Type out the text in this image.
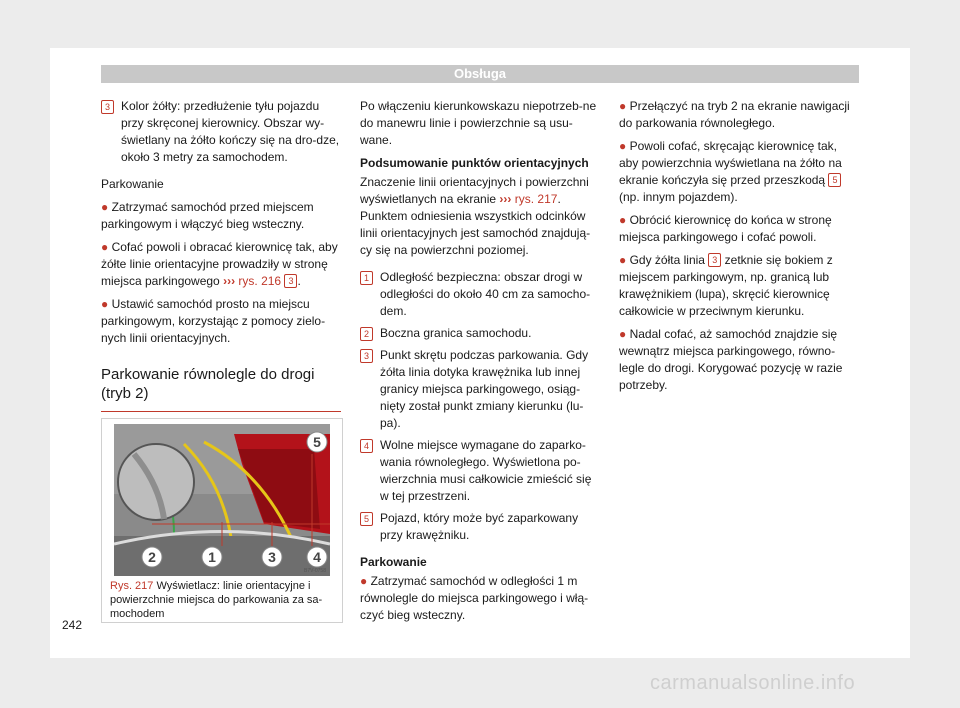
Obsługa
3 Kolor żółty: przedłużenie tyłu pojazdu przy skręconej kierownicy. Obszar wy-świetlany na żółto kończy się na dro-dze, około 3 metry za samochodem.

Parkowanie

● Zatrzymać samochód przed miejscem parkingowym i włączyć bieg wsteczny.

● Cofać powoli i obracać kierownicę tak, aby żółte linie orientacyjne prowadziły w stronę miejsca parkingowego ››› rys. 216 3 .

● Ustawić samochód prosto na miejscu parkingowym, korzystając z pomocy zielo-nych linii orientacyjnych.

Parkowanie równolegle do drogi (tryb 2)
5
2	1	3	4
B7V-0758
Rys. 217 Wyświetlacz: linie orientacyjne i powierzchnie miejsca do parkowania za sa-mochodem

Po włączeniu kierunkowskazu niepotrzeb-ne do manewru linie i powierzchnie są usu-wane.

Podsumowanie punktów orientacyjnych

Znaczenie linii orientacyjnych i powierzchni wyświetlanych na ekranie ››› rys. 217. Punktem odniesienia wszystkich odcinków linii orientacyjnych jest samochód znajdują-cy się na powierzchni poziomej.

1 Odległość bezpieczna: obszar drogi w odległości do około 40 cm za samocho-dem.
2 Boczna granica samochodu.
3 Punkt skrętu podczas parkowania. Gdy żółta linia dotyka krawężnika lub innej granicy miejsca parkingowego, osiąg-nięty został punkt zmiany kierunku (lu-pa).
4 Wolne miejsce wymagane do zaparko-wania równoległego. Wyświetlona po-wierzchnia musi całkowicie zmieścić się w tej przestrzeni.
5 Pojazd, który może być zaparkowany przy krawężniku.

Parkowanie

● Zatrzymać samochód w odległości 1 m równolegle do miejsca parkingowego i włą-czyć bieg wsteczny.

● Przełączyć na tryb 2 na ekranie nawigacji do parkowania równoległego.

● Powoli cofać, skręcając kierownicę tak, aby powierzchnia wyświetlana na żółto na ekranie kończyła się przed przeszkodą 5 (np. innym pojazdem).

● Obrócić kierownicę do końca w stronę miejsca parkingowego i cofać powoli.

● Gdy żółta linia 3 zetknie się bokiem z miejscem parkingowym, np. granicą lub krawężnikiem (lupa), skręcić kierownicę całkowicie w przeciwnym kierunku.

● Nadal cofać, aż samochód znajdzie się wewnątrz miejsca parkingowego, równo-legle do drogi. Korygować pozycję w razie potrzeby.

242
carmanualsonline.info
